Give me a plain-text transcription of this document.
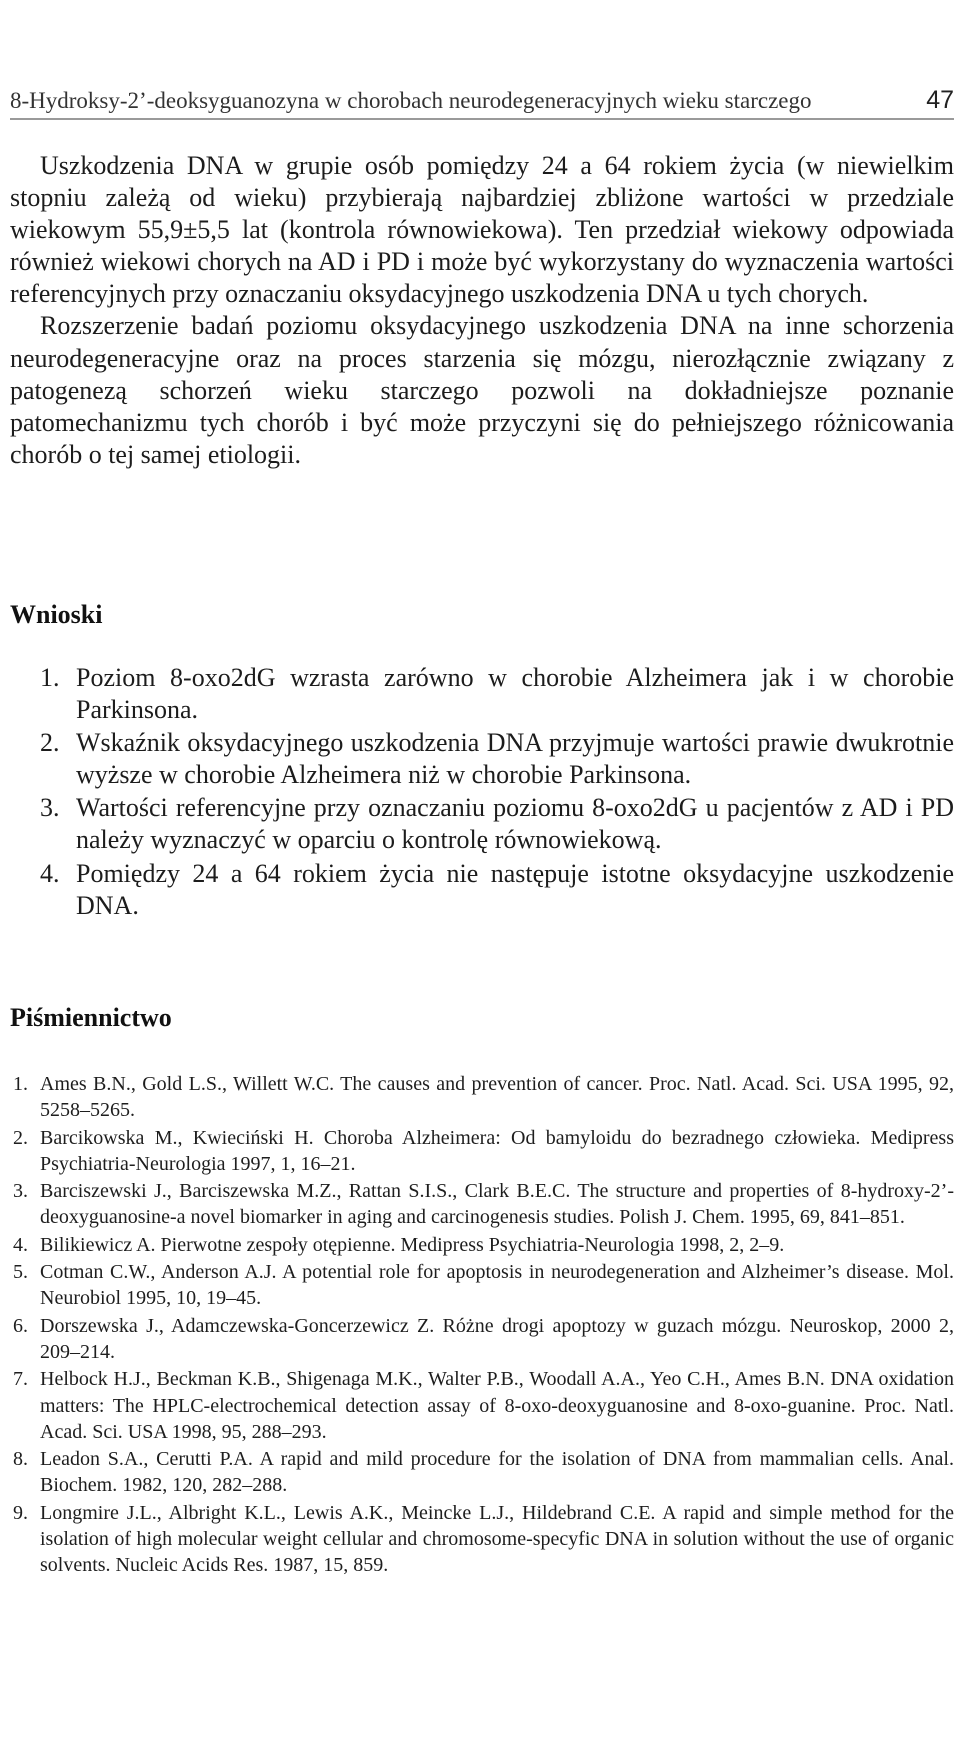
8-Hydroksy-2’-deoksyguanozyna w chorobach neurodegeneracyjnych wieku starczego	47

Uszkodzenia DNA w grupie osób pomiędzy 24 a 64 rokiem życia (w niewielkim stopniu zależą od wieku) przybierają najbardziej zbliżone wartości w przedziale wiekowym 55,9±5,5 lat (kontrola równowiekowa). Ten przedział wiekowy odpowiada również wiekowi chorych na AD i PD i może być wykorzystany do wyznaczenia wartości referencyjnych przy oznaczaniu oksydacyjnego uszkodzenia DNA u tych chorych.

Rozszerzenie badań poziomu oksydacyjnego uszkodzenia DNA na inne schorzenia neurodegeneracyjne oraz na proces starzenia się mózgu, nierozłącznie związany z patogenezą schorzeń wieku starczego pozwoli na dokładniejsze poznanie patomechanizmu tych chorób i być może przyczyni się do pełniejszego różnicowania chorób o tej samej etiologii.

Wnioski
1. Poziom 8-oxo2dG wzrasta zarówno w chorobie Alzheimera jak i w chorobie Parkinsona.
2. Wskaźnik oksydacyjnego uszkodzenia DNA przyjmuje wartości prawie dwukrotnie wyższe w chorobie Alzheimera niż w chorobie Parkinsona.
3. Wartości referencyjne przy oznaczaniu poziomu 8-oxo2dG u pacjentów z AD i PD należy wyznaczyć w oparciu o kontrolę równowiekową.
4. Pomiędzy 24 a 64 rokiem życia nie następuje istotne oksydacyjne uszkodzenie DNA.
Piśmiennictwo
1. Ames B.N., Gold L.S., Willett W.C. The causes and prevention of cancer. Proc. Natl. Acad. Sci. USA 1995, 92, 5258–5265.
2. Barcikowska M., Kwieciński H. Choroba Alzheimera: Od bamyloidu do bezradnego człowieka. Medipress Psychiatria-Neurologia 1997, 1, 16–21.
3. Barciszewski J., Barciszewska M.Z., Rattan S.I.S., Clark B.E.C. The structure and properties of 8-hydroxy-2’-deoxyguanosine-a novel biomarker in aging and carcinogenesis studies. Polish J. Chem. 1995, 69, 841–851.
4. Bilikiewicz A. Pierwotne zespoły otępienne. Medipress Psychiatria-Neurologia 1998, 2, 2–9.
5. Cotman C.W., Anderson A.J. A potential role for apoptosis in neurodegeneration and Alzheimer’s disease. Mol. Neurobiol 1995, 10, 19–45.
6. Dorszewska J., Adamczewska-Goncerzewicz Z. Różne drogi apoptozy w guzach mózgu. Neuroskop, 2000 2, 209–214.
7. Helbock H.J., Beckman K.B., Shigenaga M.K., Walter P.B., Woodall A.A., Yeo C.H., Ames B.N. DNA oxidation matters: The HPLC-electrochemical detection assay of 8-oxo-deoxyguanosine and 8-oxo-guanine. Proc. Natl. Acad. Sci. USA 1998, 95, 288–293.
8. Leadon S.A., Cerutti P.A. A rapid and mild procedure for the isolation of DNA from mammalian cells. Anal. Biochem. 1982, 120, 282–288.
9. Longmire J.L., Albright K.L., Lewis A.K., Meincke L.J., Hildebrand C.E. A rapid and simple method for the isolation of high molecular weight cellular and chromosome-specyfic DNA in solution without the use of organic solvents. Nucleic Acids Res. 1987, 15, 859.
